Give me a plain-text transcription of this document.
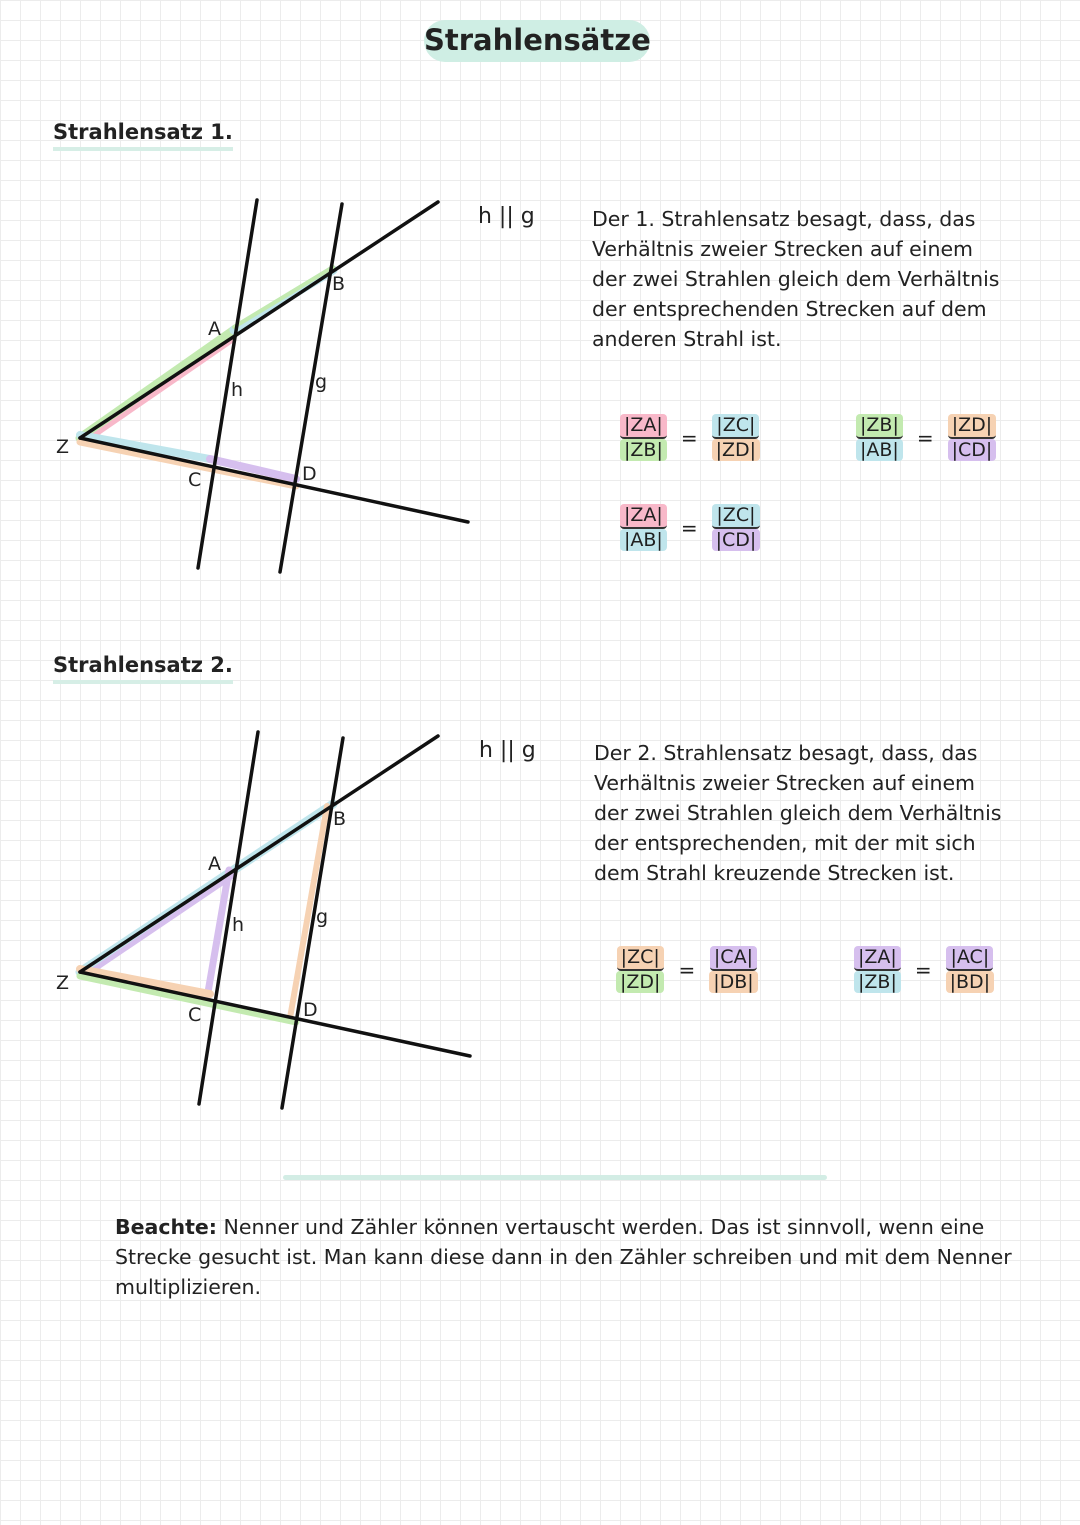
Strahlensätze
Strahlensatz 1.
Z
A
B
C	D
h	g
h || g	Der 1. Strahlensatz besagt, dass, das Verhältnis zweier Strecken auf einem der zwei Strahlen gleich dem Verhältnis der entsprechenden Strecken auf dem anderen Strahl ist.

$\frac{|ZA|}{|ZB|} = \frac{|ZC|}{|ZD|}$	$\frac{|ZB|}{|AB|} = \frac{|ZD|}{|CD|}$
$\frac{|ZA|}{|AB|} = \frac{|ZC|}{|CD|}$
Strahlensatz 2.
Z
A
B
C	D
h	g
h || g	Der 2. Strahlensatz besagt, dass, das Verhältnis zweier Strecken auf einem der zwei Strahlen gleich dem Verhältnis der entsprechenden, mit der mit sich dem Strahl kreuzende Strecken ist.

$\frac{|ZC|}{|ZD|} = \frac{|CA|}{|DB|}$	$\frac{|ZA|}{|ZB|} = \frac{|AC|}{|BD|}$

Beachte: Nenner und Zähler können vertauscht werden. Das ist sinnvoll, wenn eine Strecke gesucht ist. Man kann diese dann in den Zähler schreiben und mit dem Nenner multiplizieren.
